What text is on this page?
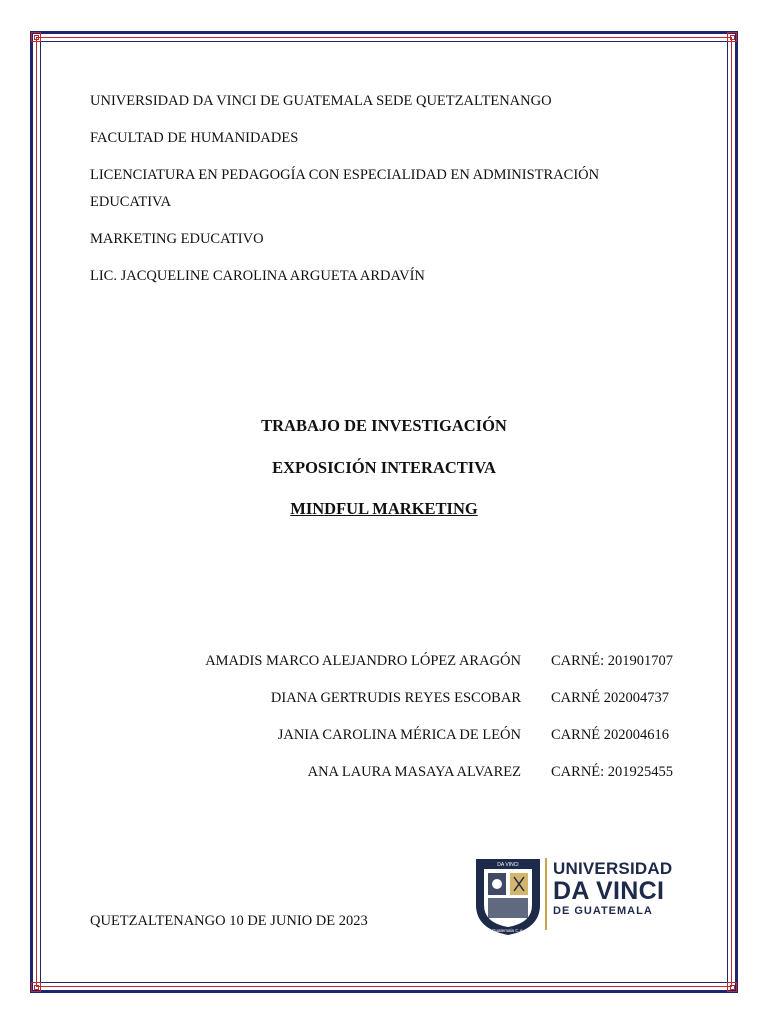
UNIVERSIDAD DA VINCI DE GUATEMALA SEDE QUETZALTENANGO

FACULTAD DE HUMANIDADES

LICENCIATURA EN PEDAGOGÍA CON ESPECIALIDAD EN ADMINISTRACIÓN

EDUCATIVA

MARKETING EDUCATIVO

LIC. JACQUELINE CAROLINA ARGUETA ARDAVÍN

TRABAJO DE INVESTIGACIÓN

EXPOSICIÓN INTERACTIVA

MINDFUL MARKETING

AMADIS MARCO ALEJANDRO LÓPEZ ARAGÓN CARNÉ: 201901707
DIANA GERTRUDIS REYES ESCOBAR CARNÉ 202004737
JANIA CAROLINA MÉRICA DE LEÓN CARNÉ 202004616
ANA LAURA MASAYA ALVAREZ CARNÉ: 201925455
QUETZALTENANGO 10 DE JUNIO DE 2023
DA VINCI
Guatemala C.A.
UNIVERSIDAD
DA VINCI
DE GUATEMALA
